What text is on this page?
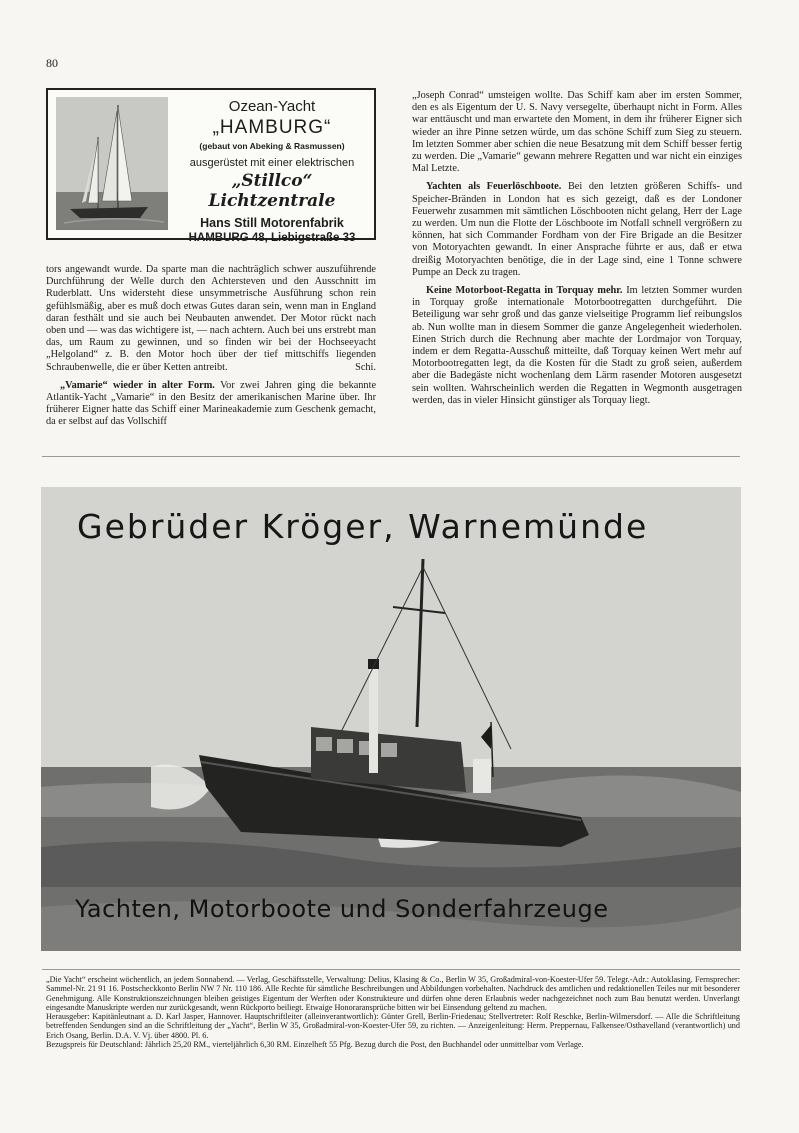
80
Ozean-Yacht
„HAMBURG“
(gebaut von Abeking & Rasmussen)
ausgerüstet mit einer elektrischen
„Stillco“ Lichtzentrale
Hans Still Motorenfabrik
HAMBURG 48, Liebigstraße 33

tors angewandt wurde. Da sparte man die nachträglich schwer auszuführende Durchführung der Welle durch den Achtersteven und den Ausschnitt im Ruderblatt. Uns widersteht diese unsymmetrische Ausführung schon rein gefühlsmäßig, aber es muß doch etwas Gutes daran sein, wenn man in England daran festhält und sie auch bei Neubauten anwendet. Der Motor rückt nach oben und — was das wichtigere ist, — nach achtern. Auch bei uns erstrebt man das, um Raum zu gewinnen, und so finden wir bei der Hochseeyacht „Helgoland“ z. B. den Motor hoch über der tief mittschiffs liegenden Schraubenwelle, die er über Ketten antreibt.	Schi.

„Vamarie“ wieder in alter Form. Vor zwei Jahren ging die bekannte Atlantik-Yacht „Vamarie“ in den Besitz der amerikanischen Marine über. Ihr früherer Eigner hatte das Schiff einer Marineakademie zum Geschenk gemacht, da er selbst auf das Vollschiff

„Joseph Conrad“ umsteigen wollte. Das Schiff kam aber im ersten Sommer, den es als Eigentum der U. S. Navy versegelte, überhaupt nicht in Form. Alles war enttäuscht und man erwartete den Moment, in dem ihr früherer Eigner sich wieder an ihre Pinne setzen würde, um das schöne Schiff zum Sieg zu steuern. Im letzten Sommer aber schien die neue Besatzung mit dem Schiff besser fertig zu werden. Die „Vamarie“ gewann mehrere Regatten und war nicht ein einziges Mal Letzte.

Yachten als Feuerlöschboote. Bei den letzten größeren Schiffs- und Speicher-Bränden in London hat es sich gezeigt, daß es der Londoner Feuerwehr zusammen mit sämtlichen Löschbooten nicht gelang, Herr der Lage zu werden. Um nun die Flotte der Löschboote im Notfall schnell vergrößern zu können, hat sich Commander Fordham von der Fire Brigade an die Besitzer von Motoryachten gewandt. In einer Ansprache führte er aus, daß er etwa dreißig Motoryachten benötige, die in der Lage sind, eine 1 Tonne schwere Pumpe an Deck zu tragen.

Keine Motorboot-Regatta in Torquay mehr. Im letzten Sommer wurden in Torquay große internationale Motorbootregatten durchgeführt. Die Beteiligung war sehr groß und das ganze vielseitige Programm lief reibungslos ab. Nun wollte man in diesem Sommer die ganze Angelegenheit wiederholen. Einen Strich durch die Rechnung aber machte der Lordmajor von Torquay, indem er dem Regatta-Ausschuß mitteilte, daß Torquay keinen Wert mehr auf Motorbootregatten legt, da die Kosten für die Stadt zu groß seien, außerdem aber die Badegäste nicht wochenlang dem Lärm rasender Motoren ausgesetzt sein wollten. Wahrscheinlich werden die Regatten in Wegmonth ausgetragen werden, das in vieler Hinsicht günstiger als Torquay liegt.

Gebrüder Kröger, Warnemünde
Yachten, Motorboote und Sonderfahrzeuge

„Die Yacht“ erscheint wöchentlich, an jedem Sonnabend. — Verlag, Geschäftsstelle, Verwaltung: Delius, Klasing & Co., Berlin W 35, Großadmiral-von-Koester-Ufer 59. Telegr.-Adr.: Autoklasing. Fernsprecher: Sammel-Nr. 21 91 16. Postscheckkonto Berlin NW 7 Nr. 110 186. Alle Rechte für sämtliche Beschreibungen und Abbildungen vorbehalten. Nachdruck des amtlichen und redaktionellen Teiles nur mit besonderer Genehmigung. Alle Konstruktionszeichnungen bleiben geistiges Eigentum der Werften oder Konstrukteure und dürfen ohne deren Erlaubnis weder nachgezeichnet noch zum Bau benutzt werden. Unverlangt eingesandte Manuskripte werden nur zurückgesandt, wenn Rückporto beiliegt. Etwaige Honoraransprüche bitten wir bei Einsendung geltend zu machen.

Herausgeber: Kapitänleutnant a. D. Karl Jasper, Hannover. Hauptschriftleiter (alleinverantwortlich): Günter Grell, Berlin-Friedenau; Stellvertreter: Rolf Reschke, Berlin-Wilmersdorf. — Alle die Schriftleitung betreffenden Sendungen sind an die Schriftleitung der „Yacht“, Berlin W 35, Großadmiral-von-Koester-Ufer 59, zu richten. — Anzeigenleitung: Herm. Preppernau, Falkensee/Osthavelland (verantwortlich) und Erich Osang, Berlin. D.A. V. Vj. über 4800. Pl. 6.

Bezugspreis für Deutschland: Jährlich 25,20 RM., vierteljährlich 6,30 RM. Einzelheft 55 Pfg. Bezug durch die Post, den Buchhandel oder unmittelbar vom Verlage.
